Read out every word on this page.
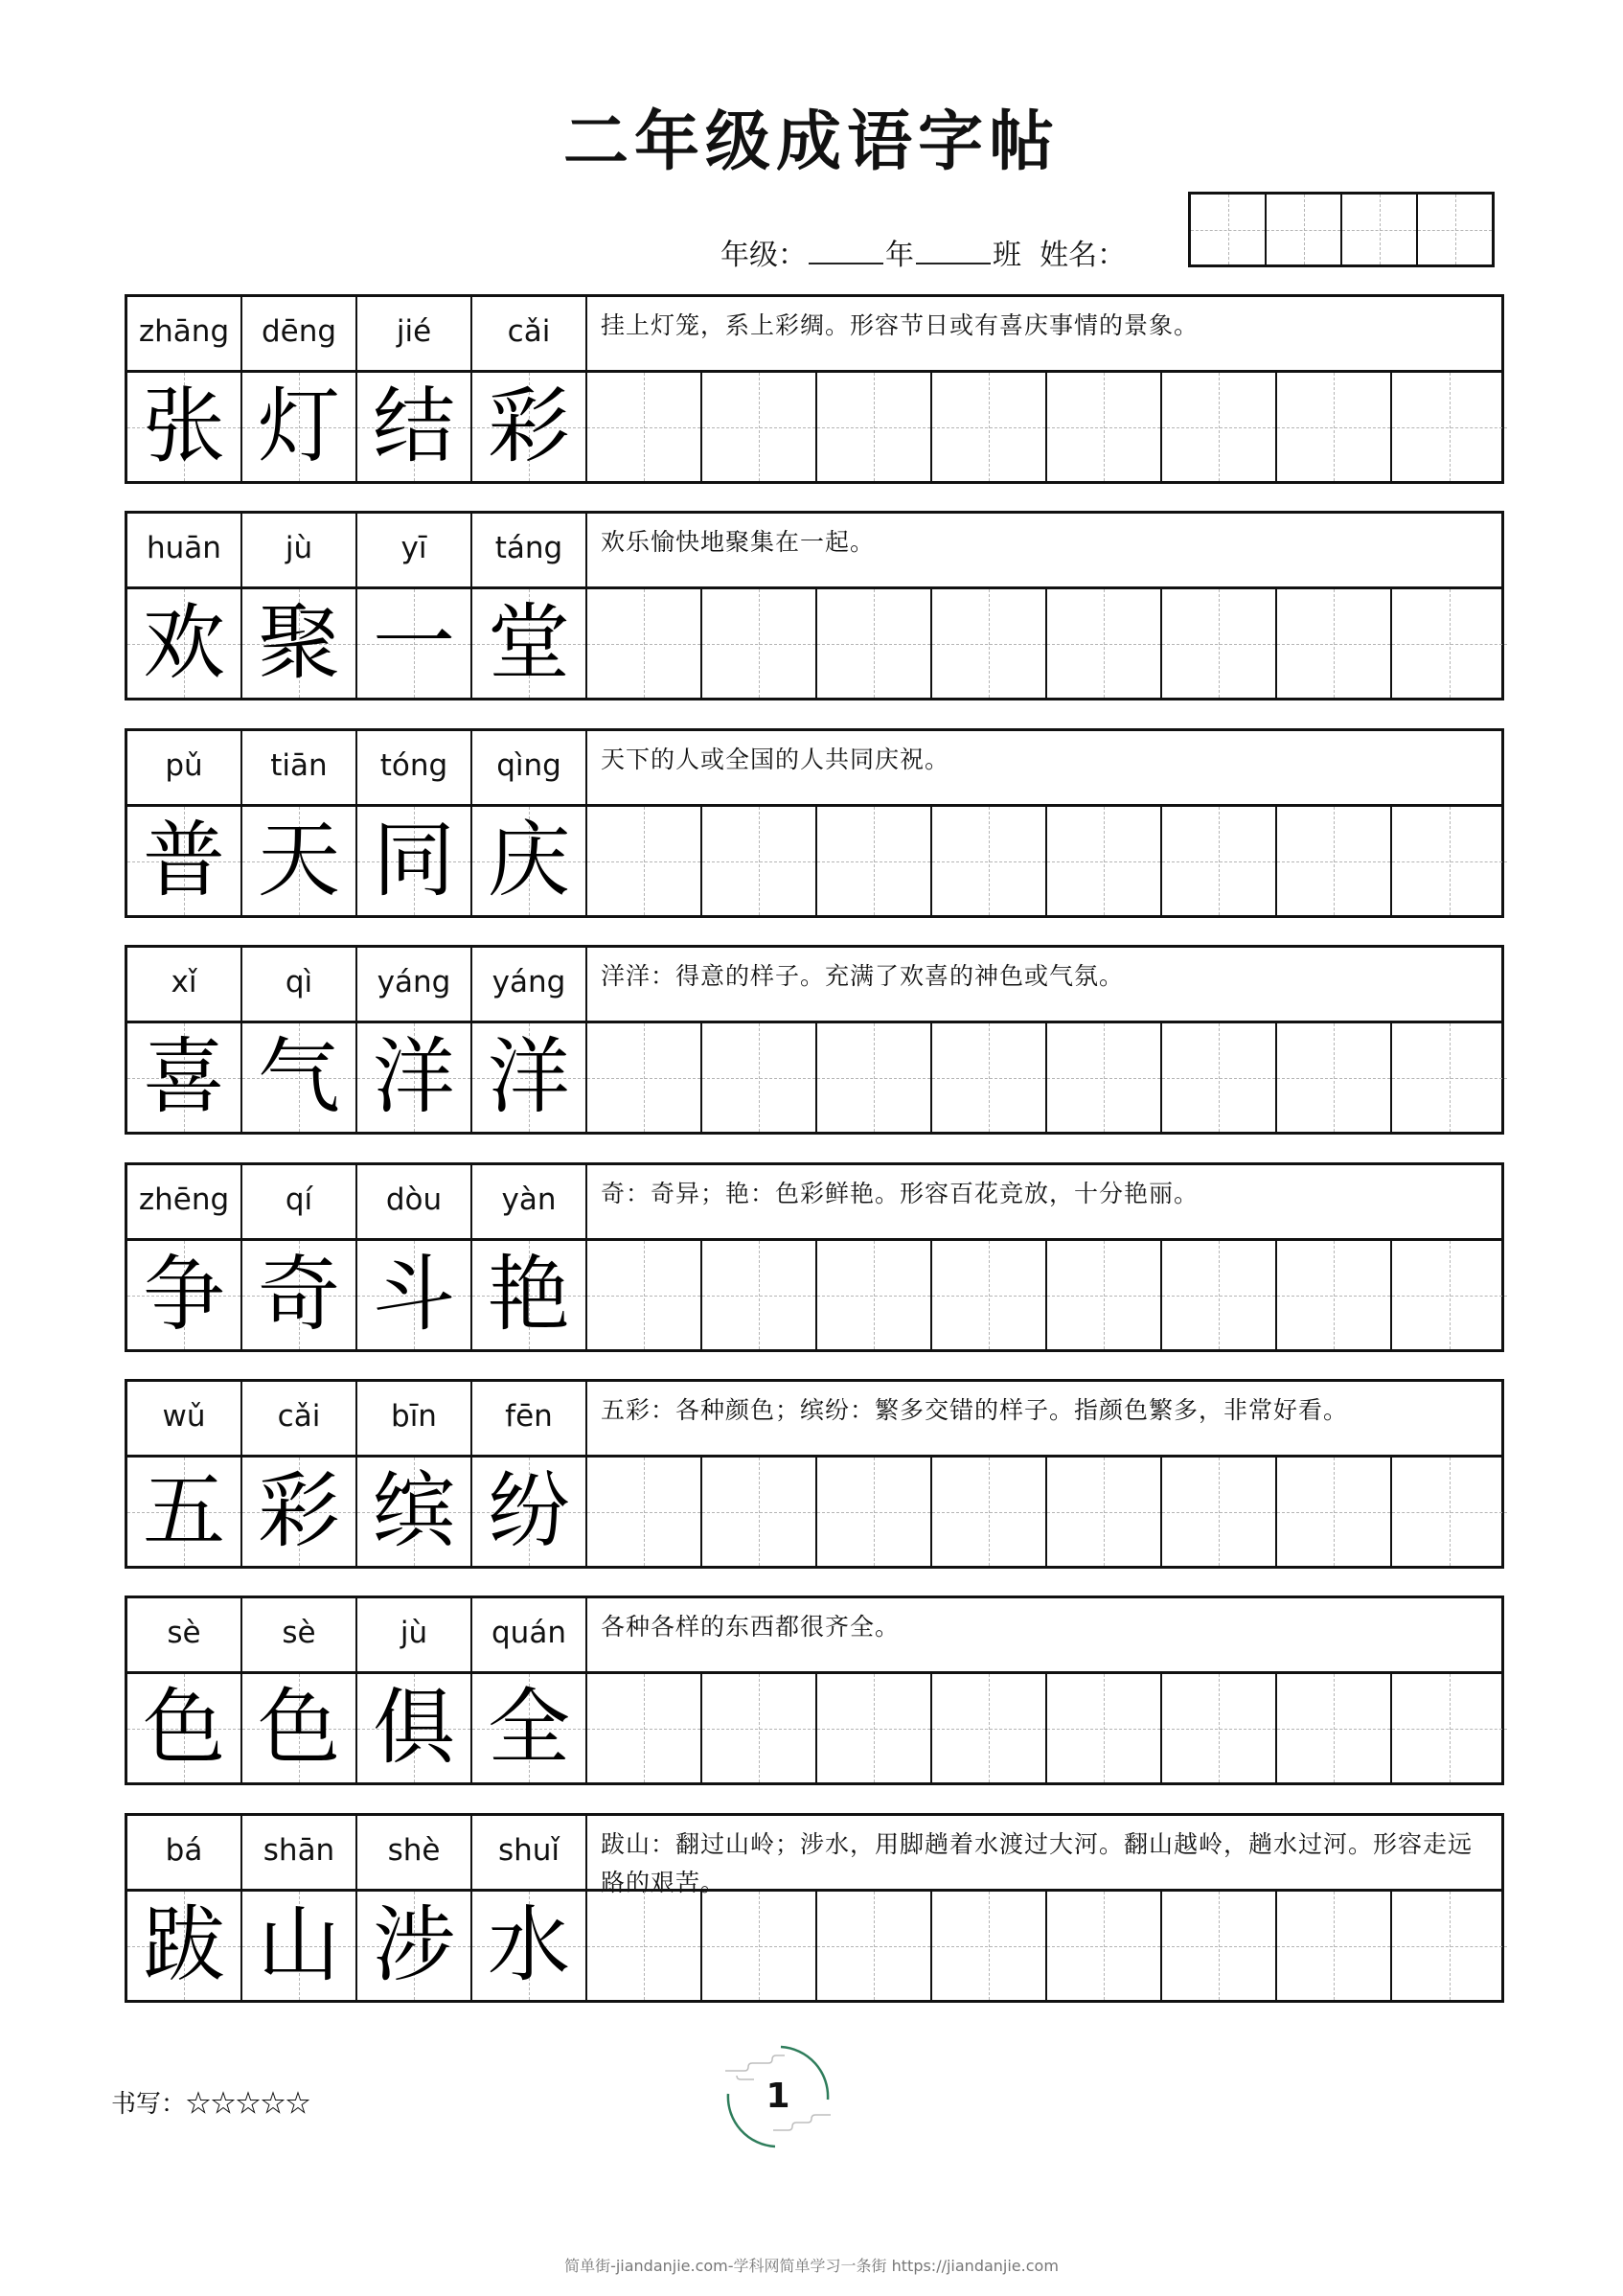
二年级成语字帖
年级：	年	班 姓名：
zhāng	dēng	jié	cǎi	挂上灯笼，系上彩绸。形容节日或有喜庆事情的景象。
张 灯 结 彩
huān	jù	yī	táng	欢乐愉快地聚集在一起。
欢 聚 一 堂
pǔ	tiān	tóng	qìng	天下的人或全国的人共同庆祝。
普 天 同 庆
xǐ	qì	yáng	yáng	洋洋：得意的样子。充满了欢喜的神色或气氛。
喜 气 洋 洋
zhēng	qí	dòu	yàn	奇：奇异；艳：色彩鲜艳。形容百花竞放，十分艳丽。
争 奇 斗 艳
wǔ	cǎi	bīn	fēn	五彩：各种颜色；缤纷：繁多交错的样子。指颜色繁多，非常好看。
五 彩 缤 纷
sè	sè	jù	quán	各种各样的东西都很齐全。
色 色 俱 全
bá	shān	shè	shuǐ	跋山：翻过山岭；涉水，用脚趟着水渡过大河。翻山越岭，趟水过河。形容走远路的艰苦。
跋 山 涉 水
书写：☆☆☆☆☆	1
简单街-jiandanjie.com-学科网简单学习一条街 https://jiandanjie.com
